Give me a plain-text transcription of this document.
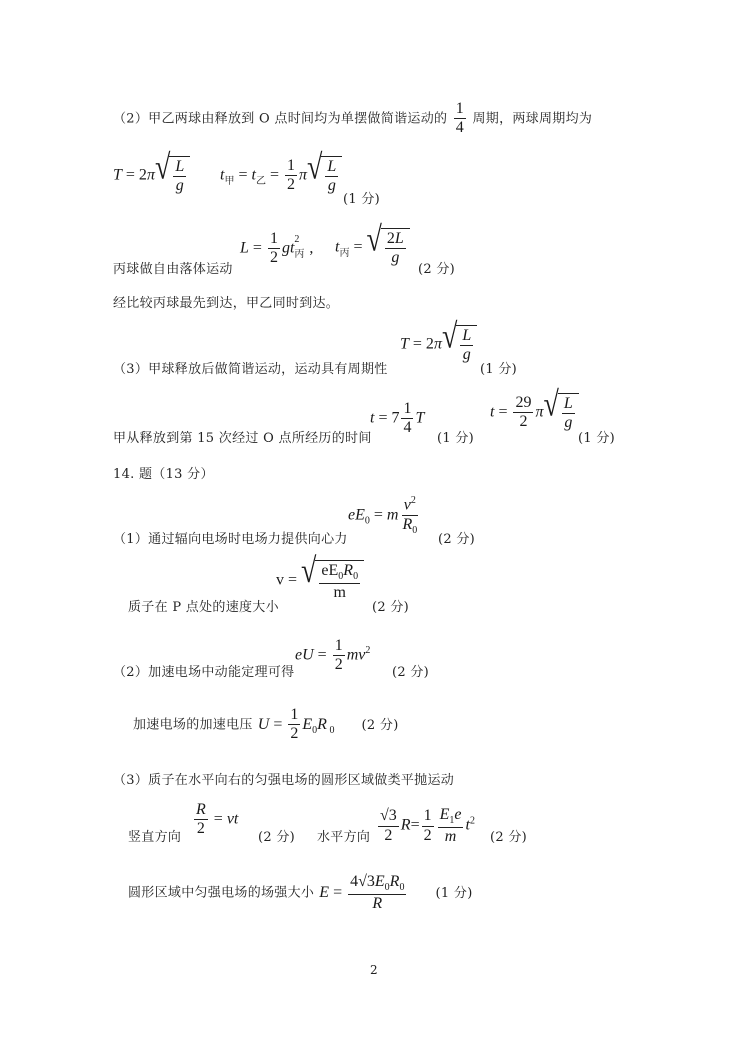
（2）甲乙两球由释放到 O 点时间均为单摆做简谐运动的 $\frac{1}{4}$ 周期，两球周期均为
T = 2π √ $\frac{L}{g} t_甲 = t_乙 = \frac{1}{2}$ π √ $\frac{L}{g}$
(1 分)
丙球做自由落体运动
$L = \frac{1}{2} gt_丙^2$ , $t_丙$ = √ $\frac{2L}{g}$
(2 分)
经比较丙球最先到达，甲乙同时到达。
T = 2π √ $\frac{L}{g}$
（3）甲球释放后做简谐运动，运动具有周期性	(1 分)
$t = 7 \frac{1}{4}$ T	$t = \frac{29}{2}$ π √ $\frac{L}{g}$
甲从释放到第 15 次经过 O 点所经历的时间	(1 分)	(1 分)
14. 题（13 分）
$eE_0 = m \frac{v^2}{R_0}$
（1）通过辐向电场时电场力提供向心力	(2 分)
v = √ $\frac{eE_0R_0}{m}$
质子在 P 点处的速度大小	(2 分)
eU = $\frac{1}{2} mv^2$
（2）加速电场中动能定理可得	(2 分)
加速电场的加速电压 $U = \frac{1}{2} E_0R$ $_0$ (2 分)
（3）质子在水平向右的匀强电场的圆形区域做类平抛运动
竖直方向 $\frac{R}{2}$ = vt
(2 分) 水平方向 $\frac{√3}{2} R= \frac{1}{2} \frac{E_1e}{m} t^2$
(2 分)
圆形区域中匀强电场的场强大小 $E = \frac{4√3E_0R_0}{R} (1$ 分)
2
